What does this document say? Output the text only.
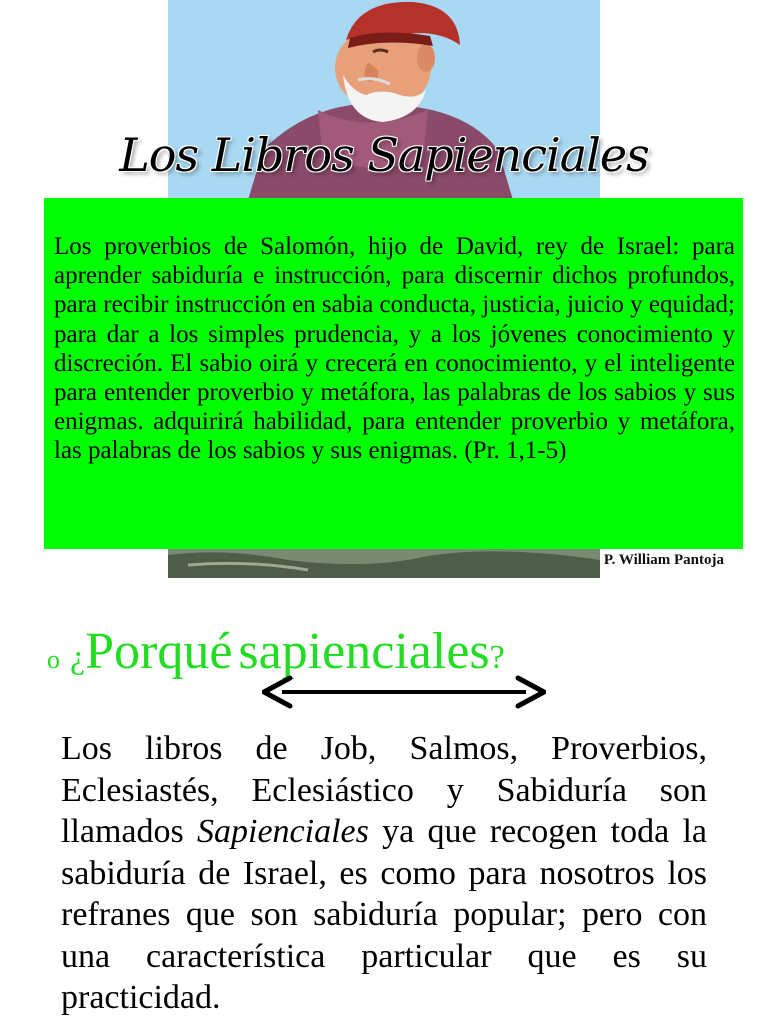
Los Libros Sapienciales

Los proverbios de Salomón, hijo de David, rey de Israel: para aprender sabiduría e instrucción, para discernir dichos profundos, para recibir instrucción en sabia conducta, justicia, juicio y equidad; para dar a los simples prudencia, y a los jóvenes conocimiento y discreción. El sabio oirá y crecerá en conocimiento, y el inteligente para entender proverbio y metáfora, las palabras de los sabios y sus enigmas. adquirirá habilidad, para entender proverbio y metáfora, las palabras de los sabios y sus enigmas. (Pr. 1,1-5)

P. William Pantoja
o ¿Porqué sapienciales?

Los libros de Job, Salmos, Proverbios, Eclesiastés, Eclesiástico y Sabiduría son llamados Sapienciales ya que recogen toda la sabiduría de Israel, es como para nosotros los refranes que son sabiduría popular; pero con una característica particular que es su practicidad.
